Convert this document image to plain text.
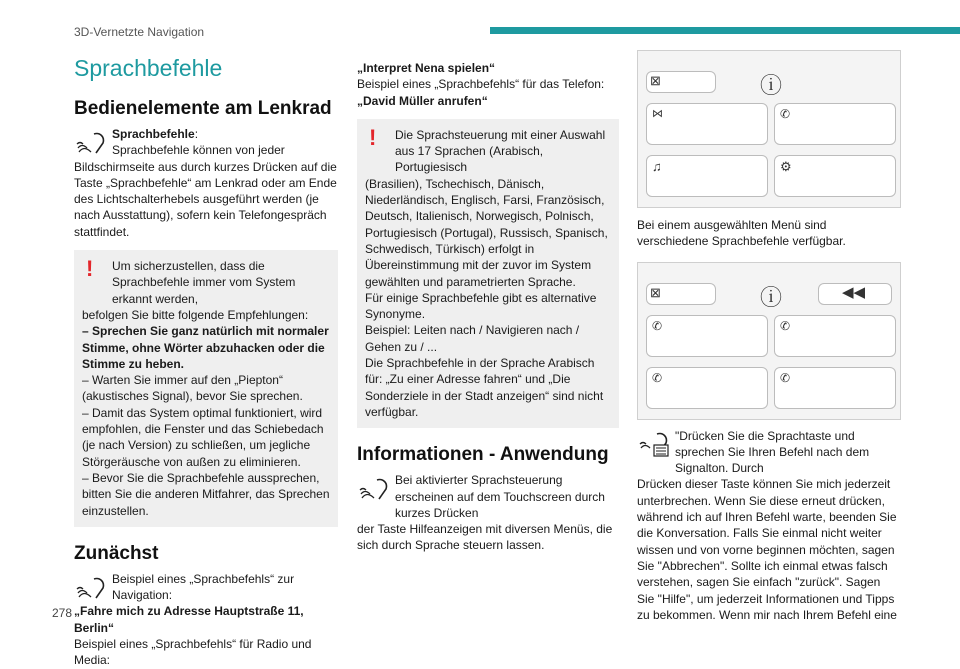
3D-Vernetzte Navigation
278
Sprachbefehle
Bedienelemente am Lenkrad

Sprachbefehle:

Sprachbefehle können von jeder

Bildschirmseite aus durch kurzes Drücken auf die Taste „Sprachbefehle“ am Lenkrad oder am Ende des Lichtschalterhebels ausgeführt werden (je nach Ausstattung), sofern kein Telefongespräch stattfindet.

!	Um sicherzustellen, dass die Sprachbefehle immer vom System erkannt werden,

befolgen Sie bitte folgende Empfehlungen:

– Sprechen Sie ganz natürlich mit normaler Stimme, ohne Wörter abzuhacken oder die Stimme zu heben.

– Warten Sie immer auf den „Piepton“ (akustisches Signal), bevor Sie sprechen.

– Damit das System optimal funktioniert, wird empfohlen, die Fenster und das Schiebedach (je nach Version) zu schließen, um jegliche Störgeräusche von außen zu eliminieren.

– Bevor Sie die Sprachbefehle aussprechen, bitten Sie die anderen Mitfahrer, das Sprechen einzustellen.

Zunächst

Beispiel eines „Sprachbefehls“ zur Navigation:

„Fahre mich zu Adresse Hauptstraße 11, Berlin“

Beispiel eines „Sprachbefehls“ für Radio und Media:

„Interpret Nena spielen“

Beispiel eines „Sprachbefehls“ für das Telefon:

„David Müller anrufen“

!	Die Sprachsteuerung mit einer Auswahl aus 17 Sprachen (Arabisch, Portugiesisch

(Brasilien), Tschechisch, Dänisch, Niederländisch, Englisch, Farsi, Französisch, Deutsch, Italienisch, Norwegisch, Polnisch, Portugiesisch (Portugal), Russisch, Spanisch, Schwedisch, Türkisch) erfolgt in Übereinstimmung mit der zuvor im System gewählten und parametrierten Sprache.

Für einige Sprachbefehle gibt es alternative Synonyme.

Beispiel: Leiten nach / Navigieren nach / Gehen zu / ...

Die Sprachbefehle in der Sprache Arabisch für: „Zu einer Adresse fahren“ und „Die Sonderziele in der Stadt anzeigen“ sind nicht verfügbar.

Informationen - Anwendung

Bei aktivierter Sprachsteuerung erscheinen auf dem Touchscreen durch kurzes Drücken

der Taste Hilfeanzeigen mit diversen Menüs, die sich durch Sprache steuern lassen.

⊠	ⓘ
⋈	✆
♫	⚙

Bei einem ausgewählten Menü sind verschiedene Sprachbefehle verfügbar.

⊠	ⓘ	◀◀
✆	✆
✆	✆

"Drücken Sie die Sprachtaste und sprechen Sie Ihren Befehl nach dem Signalton. Durch

Drücken dieser Taste können Sie mich jederzeit unterbrechen. Wenn Sie diese erneut drücken, während ich auf Ihren Befehl warte, beenden Sie die Konversation. Falls Sie einmal nicht weiter wissen und von vorne beginnen möchten, sagen Sie "Abbrechen". Sollte ich einmal etwas falsch verstehen, sagen Sie einfach "zurück". Sagen Sie "Hilfe", um jederzeit Informationen und Tipps zu bekommen. Wenn mir nach Ihrem Befehl eine
